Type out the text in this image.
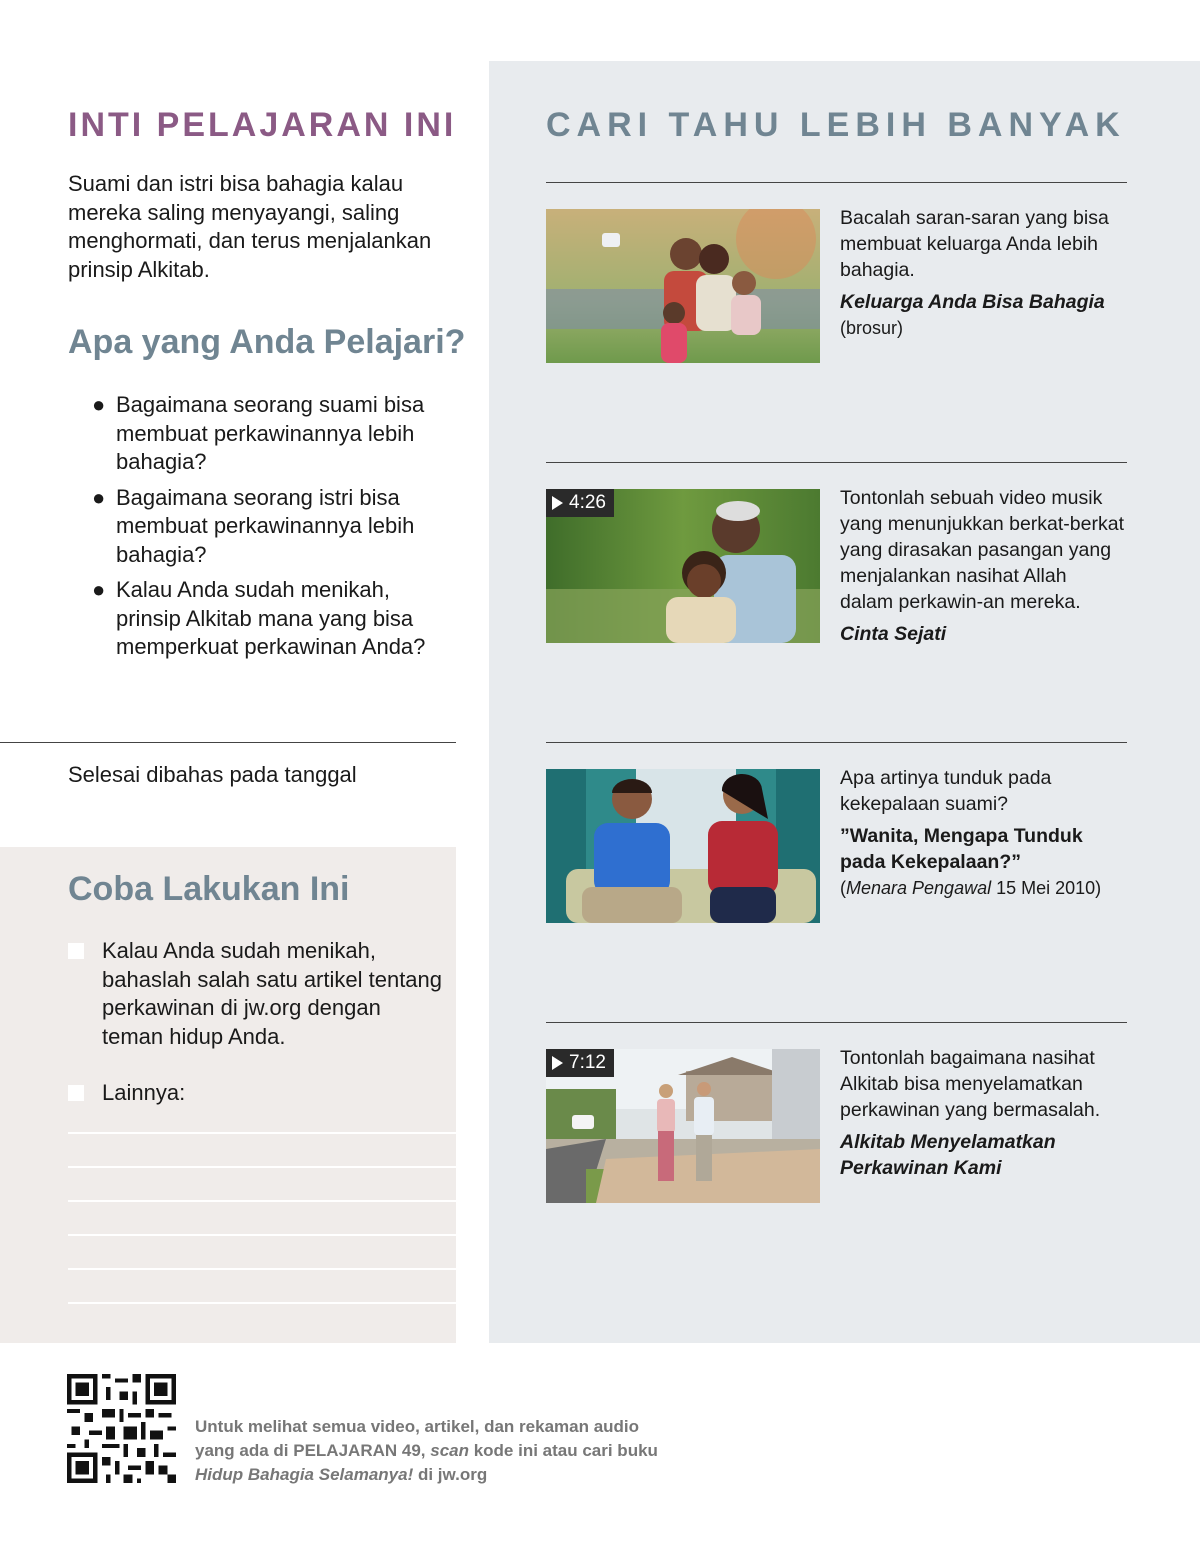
INTI PELAJARAN INI

Suami dan istri bisa bahagia kalau mereka saling menyayangi, saling menghormati, dan terus menjalankan prinsip Alkitab.

Apa yang Anda Pelajari?
● Bagaimana seorang suami bisa membuat perkawinannya lebih bahagia?
● Bagaimana seorang istri bisa membuat perkawinannya lebih bahagia?
● Kalau Anda sudah menikah, prinsip Alkitab mana yang bisa memperkuat perkawinan Anda?
Selesai dibahas pada tanggal
Coba Lakukan Ini
Kalau Anda sudah menikah, bahaslah salah satu artikel tentang perkawinan di jw.org dengan teman hidup Anda.
Lainnya:
CARI TAHU LEBIH BANYAK

Bacalah saran-saran yang bisa membuat keluarga Anda lebih bahagia.

Keluarga Anda Bisa Bahagia

(brosur)

4:26	Tontonlah sebuah video musik yang menunjukkan berkat-berkat yang dirasakan pasangan yang menjalankan nasihat Allah dalam perkawin-an mereka.

Cinta Sejati

Apa artinya tunduk pada kekepalaan suami?

”Wanita, Mengapa Tunduk pada Kekepalaan?”

(Menara Pengawal 15 Mei 2010)

7:12	Tontonlah bagaimana nasihat Alkitab bisa menyelamatkan perkawinan yang bermasalah.

Alkitab Menyelamatkan Perkawinan Kami

Untuk melihat semua video, artikel, dan rekaman audio
yang ada di PELAJARAN 49, scan kode ini atau cari buku
Hidup Bahagia Selamanya! di jw.org
